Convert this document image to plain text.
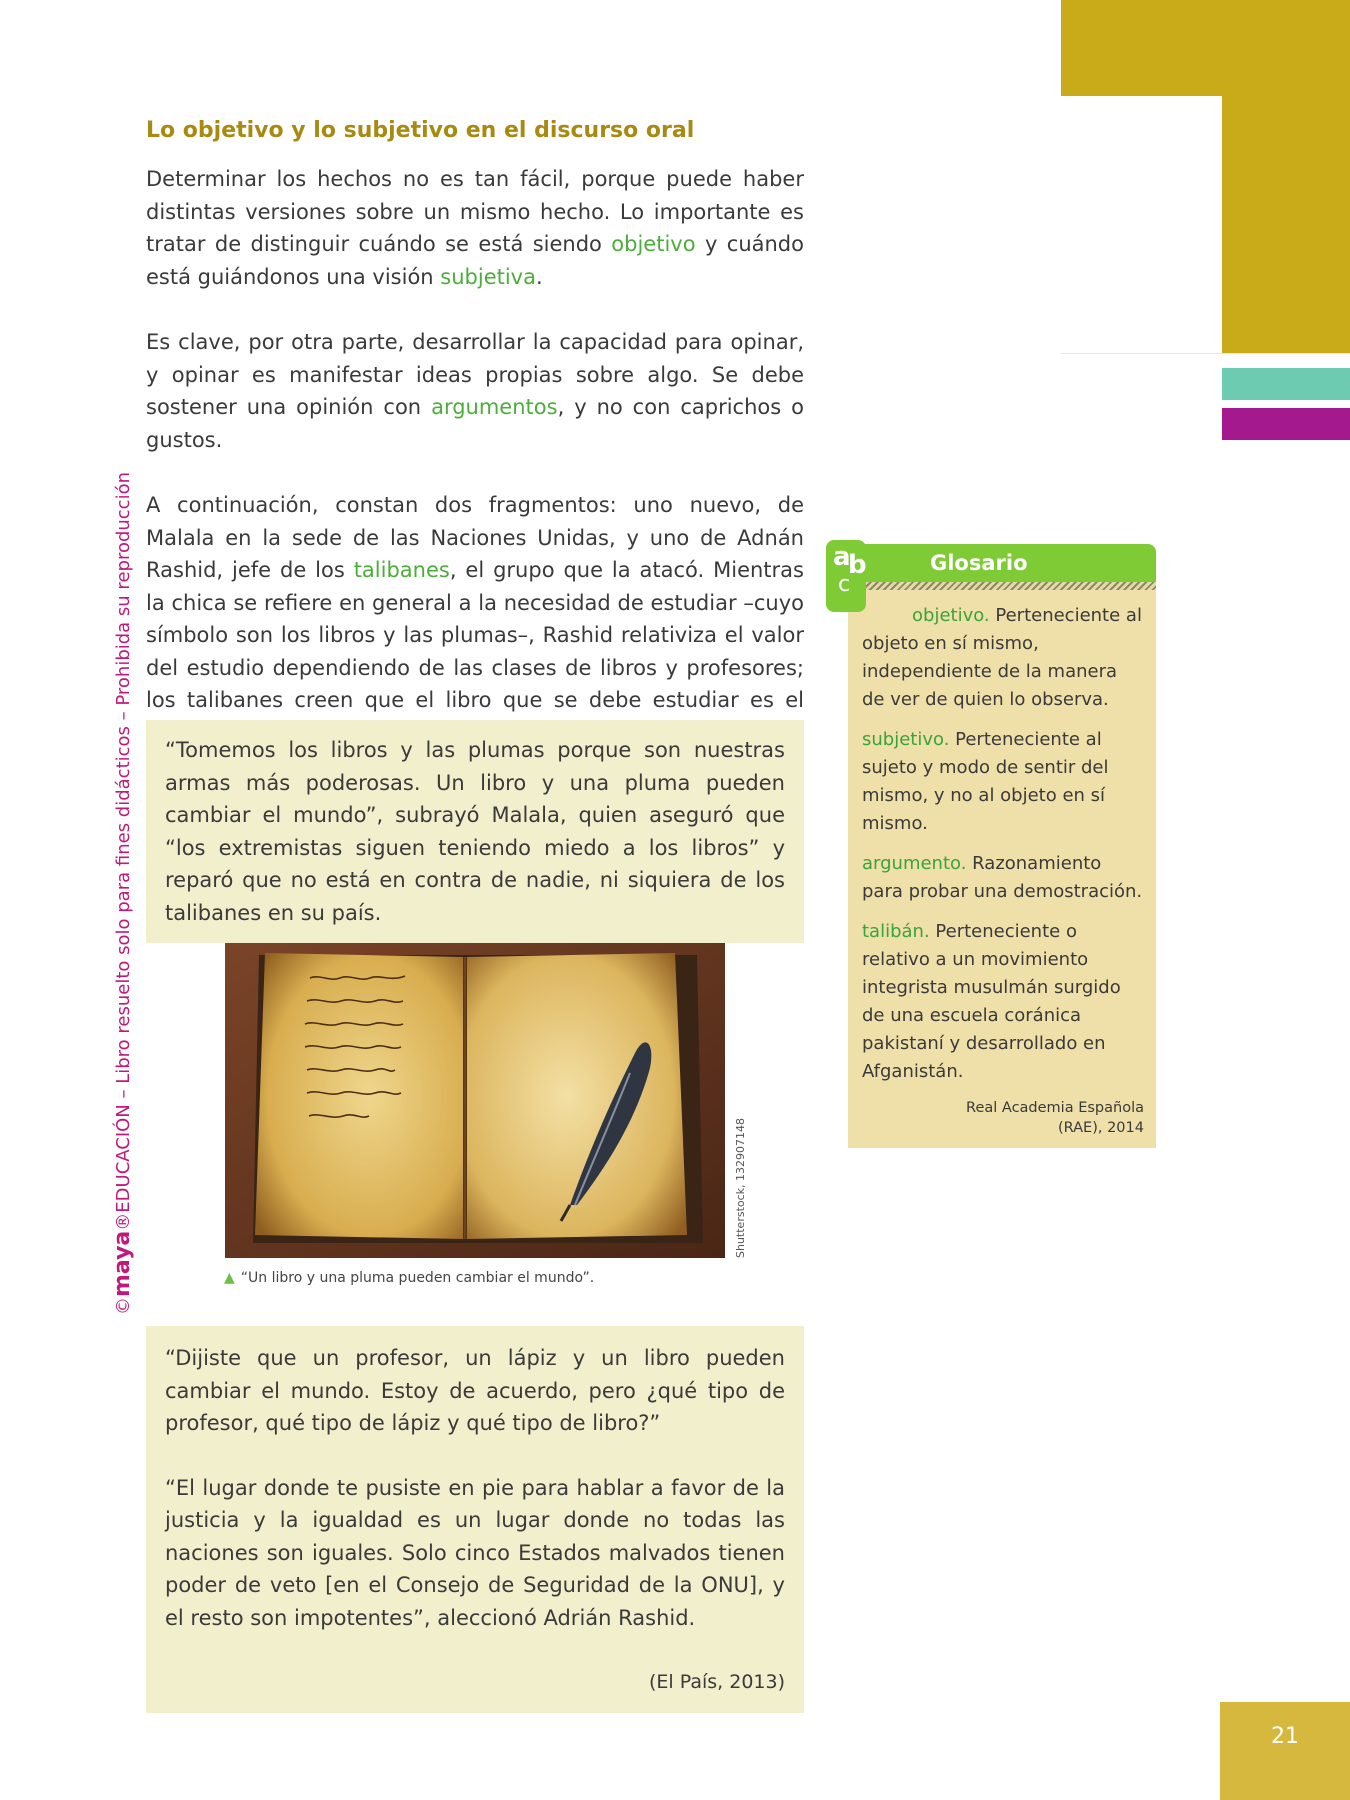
©maya®EDUCACIÓN – Libro resuelto solo para fines didácticos – Prohibida su reproducción
Lo objetivo y lo subjetivo en el discurso oral

Determinar los hechos no es tan fácil, porque puede haber distintas versiones sobre un mismo hecho. Lo importante es tratar de distinguir cuándo se está siendo objetivo y cuándo está guiándonos una visión subjetiva.

Es clave, por otra parte, desarrollar la capacidad para opinar, y opinar es manifestar ideas propias sobre algo. Se debe sostener una opinión con argumentos, y no con caprichos o gustos.

A continuación, constan dos fragmentos: uno nuevo, de Malala en la sede de las Naciones Unidas, y uno de Adnán Rashid, jefe de los talibanes, el grupo que la atacó. Mientras la chica se refiere en general a la necesidad de estudiar –cuyo símbolo son los libros y las plumas–, Rashid relativiza el valor del estudio dependiendo de las clases de libros y profesores; los talibanes creen que el libro que se debe estudiar es el

“Tomemos los libros y las plumas porque son nuestras armas más poderosas. Un libro y una pluma pueden cambiar el mundo”, subrayó Malala, quien aseguró que “los extremistas siguen teniendo miedo a los libros” y reparó que no está en contra de nadie, ni siquiera de los talibanes en su país.
Shutterstock, 132907148
▲ “Un libro y una pluma pueden cambiar el mundo”.

“Dijiste que un profesor, un lápiz y un libro pueden cambiar el mundo. Estoy de acuerdo, pero ¿qué tipo de profesor, qué tipo de lápiz y qué tipo de libro?”

“El lugar donde te pusiste en pie para hablar a favor de la justicia y la igualdad es un lugar donde no todas las naciones son iguales. Solo cinco Estados malvados tienen poder de veto [en el Consejo de Seguridad de la ONU], y el resto son impotentes”, aleccionó Adrián Rashid.

(El País, 2013)

Glosario

objetivo. Perteneciente al objeto en sí mismo, independiente de la manera de ver de quien lo observa.

subjetivo. Perteneciente al sujeto y modo de sentir del mismo, y no al objeto en sí mismo.

argumento. Razonamiento para probar una demostración.

talibán. Perteneciente o relativo a un movimiento integrista musulmán surgido de una escuela coránica pakistaní y desarrollado en Afganistán.

Real Academia Española
(RAE), 2014

a
b
c
21
